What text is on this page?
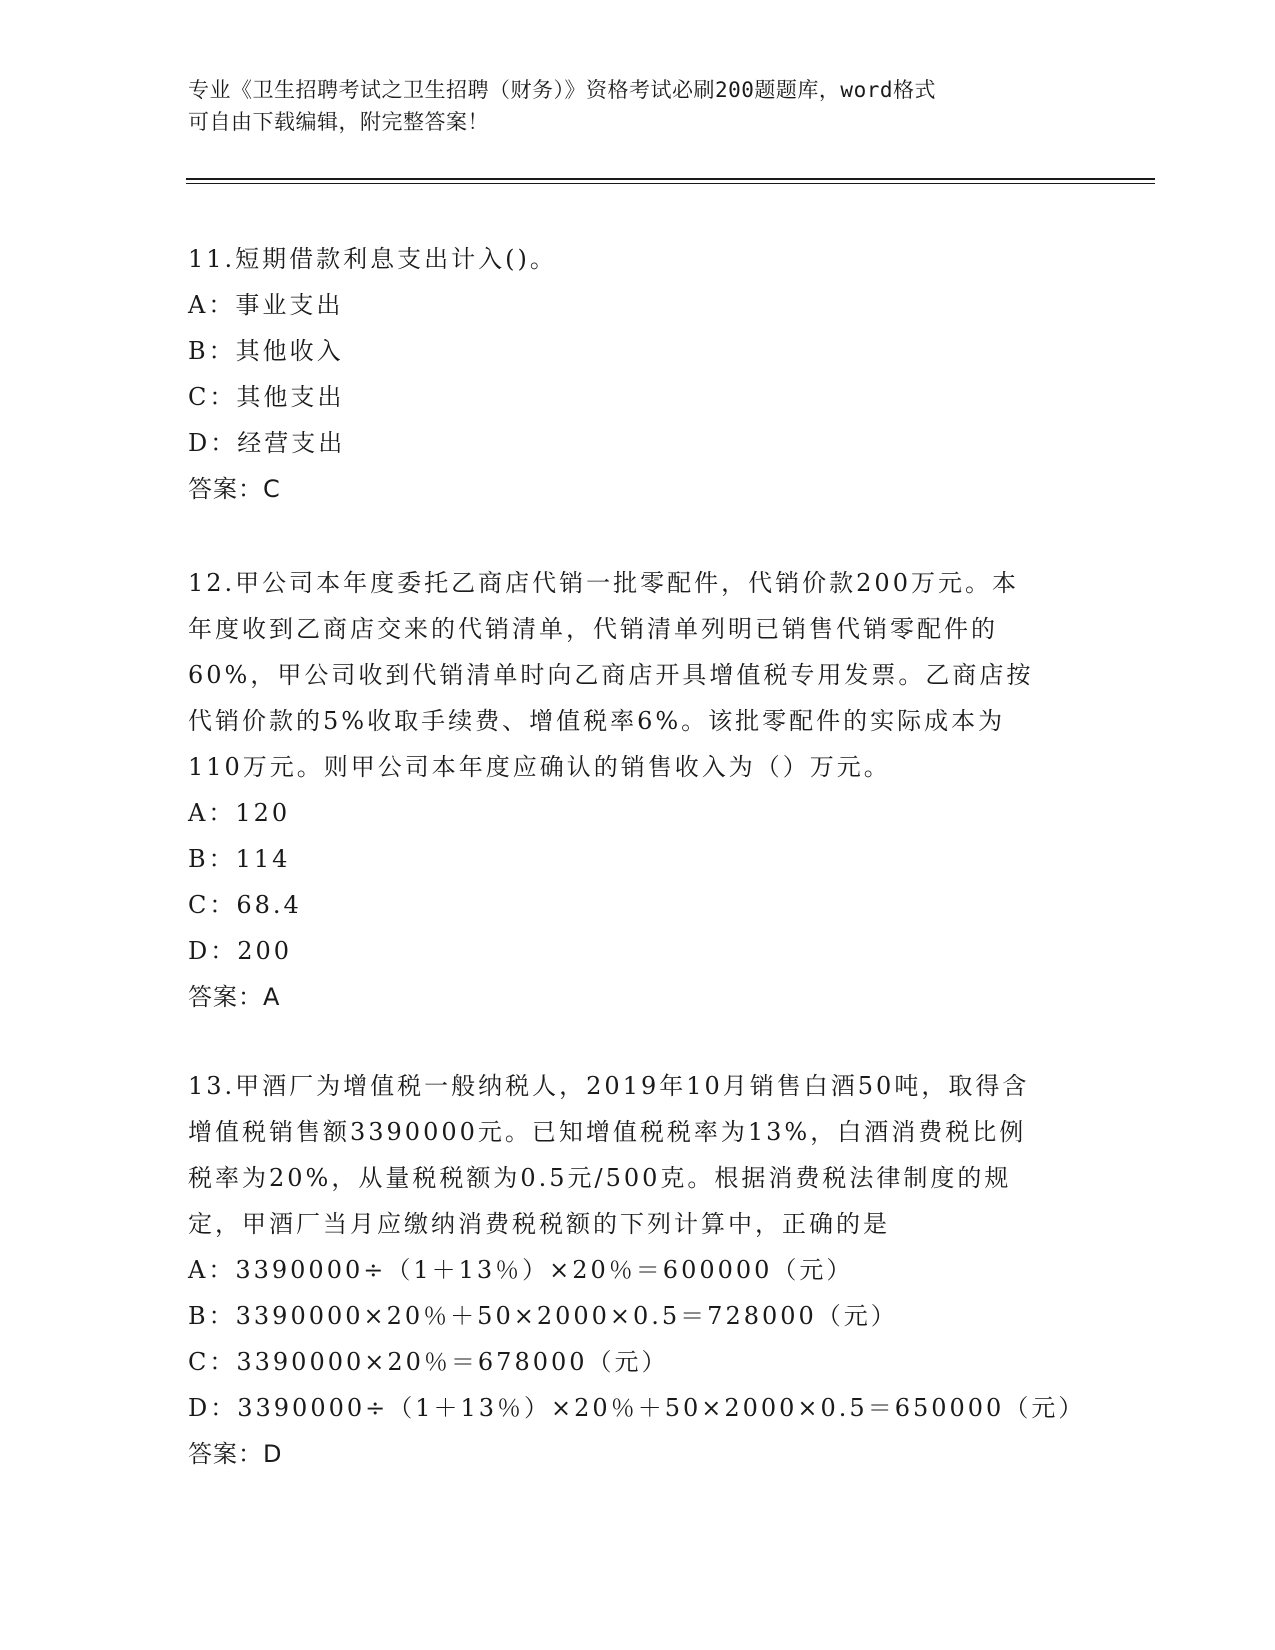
专业《卫生招聘考试之卫生招聘（财务）》资格考试必刷200题题库，word格式
可自由下载编辑，附完整答案！
11.短期借款利息支出计入()。
A：事业支出
B：其他收入
C：其他支出
D：经营支出
答案：C
12.甲公司本年度委托乙商店代销一批零配件，代销价款200万元。本
年度收到乙商店交来的代销清单，代销清单列明已销售代销零配件的
60%，甲公司收到代销清单时向乙商店开具增值税专用发票。乙商店按
代销价款的5%收取手续费、增值税率6%。该批零配件的实际成本为
110万元。则甲公司本年度应确认的销售收入为（）万元。
A：120
B：114
C：68.4
D：200
答案：A
13.甲酒厂为增值税一般纳税人，2019年10月销售白酒50吨，取得含
增值税销售额3390000元。已知增值税税率为13%，白酒消费税比例
税率为20%，从量税税额为0.5元/500克。根据消费税法律制度的规
定，甲酒厂当月应缴纳消费税税额的下列计算中，正确的是
A：3390000÷（1＋13％）×20％＝600000（元）
B：3390000×20％＋50×2000×0.5＝728000（元）
C：3390000×20％＝678000（元）
D：3390000÷（1＋13％）×20％＋50×2000×0.5＝650000（元）
答案：D
